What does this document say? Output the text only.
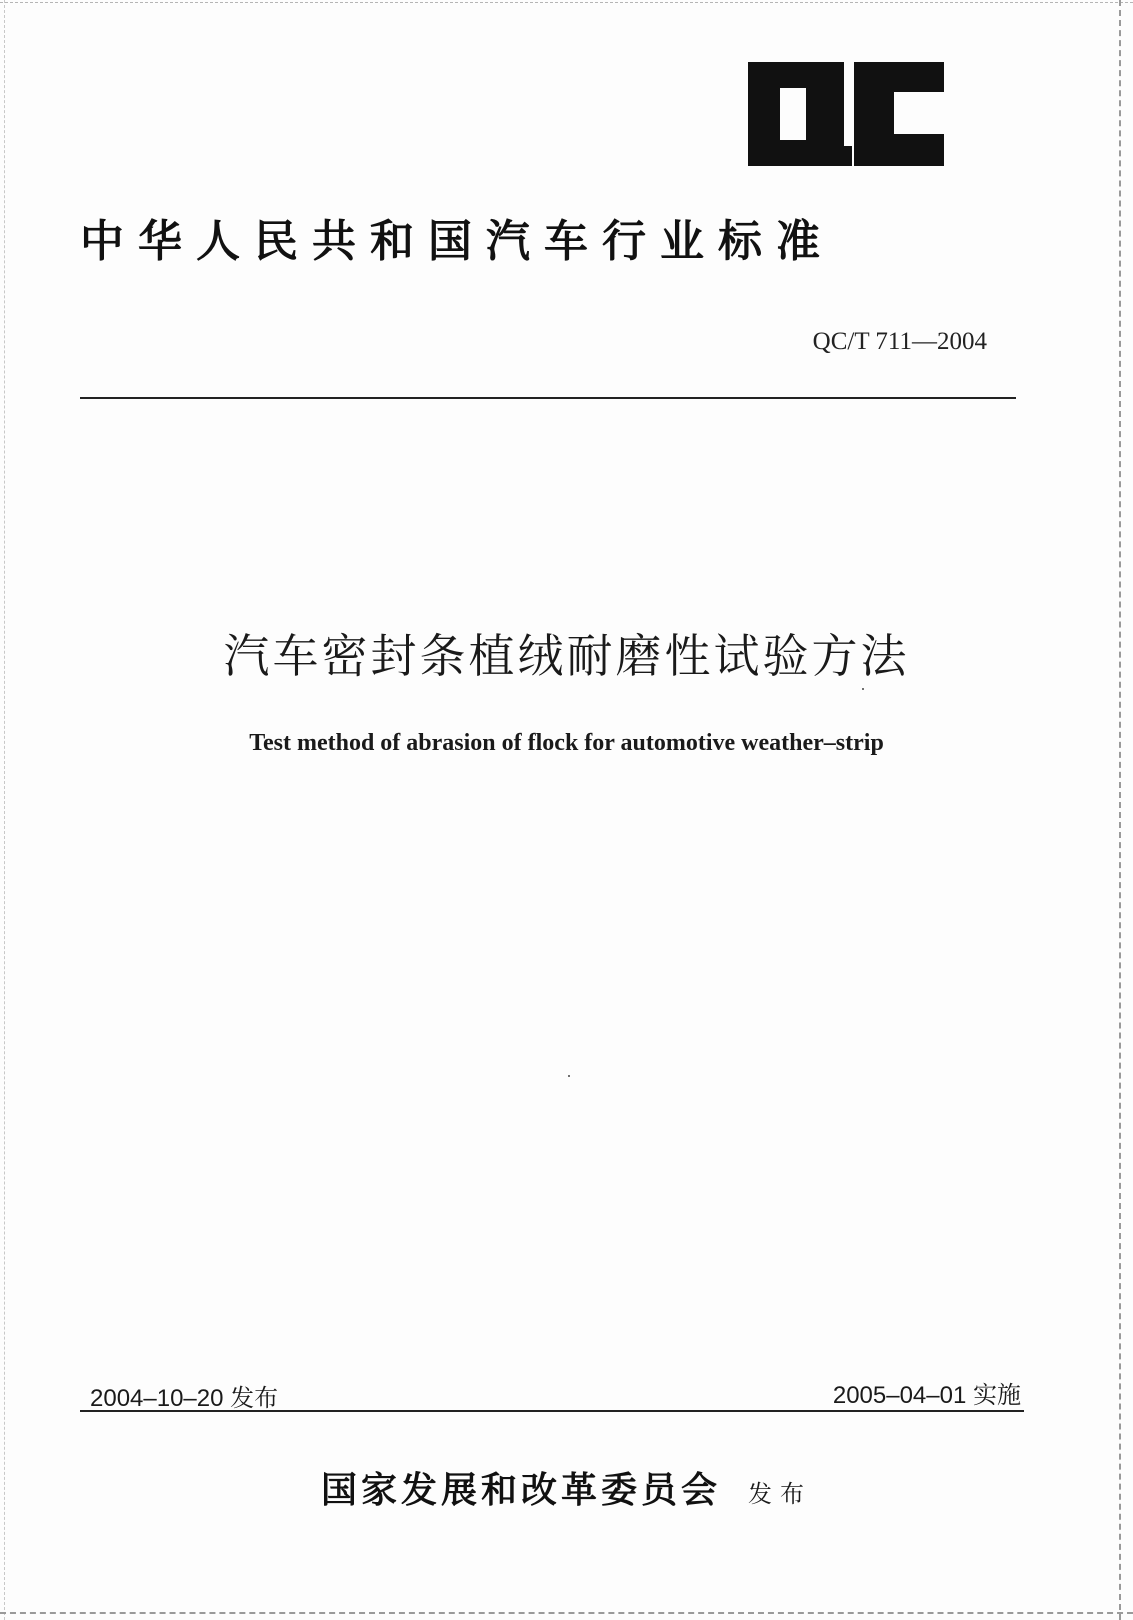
中华人民共和国汽车行业标准
QC/T 711—2004
汽车密封条植绒耐磨性试验方法
Test method of abrasion of flock for automotive weather–strip
2004–10–20 发布	2005–04–01 实施
国家发展和改革委员会 发布
